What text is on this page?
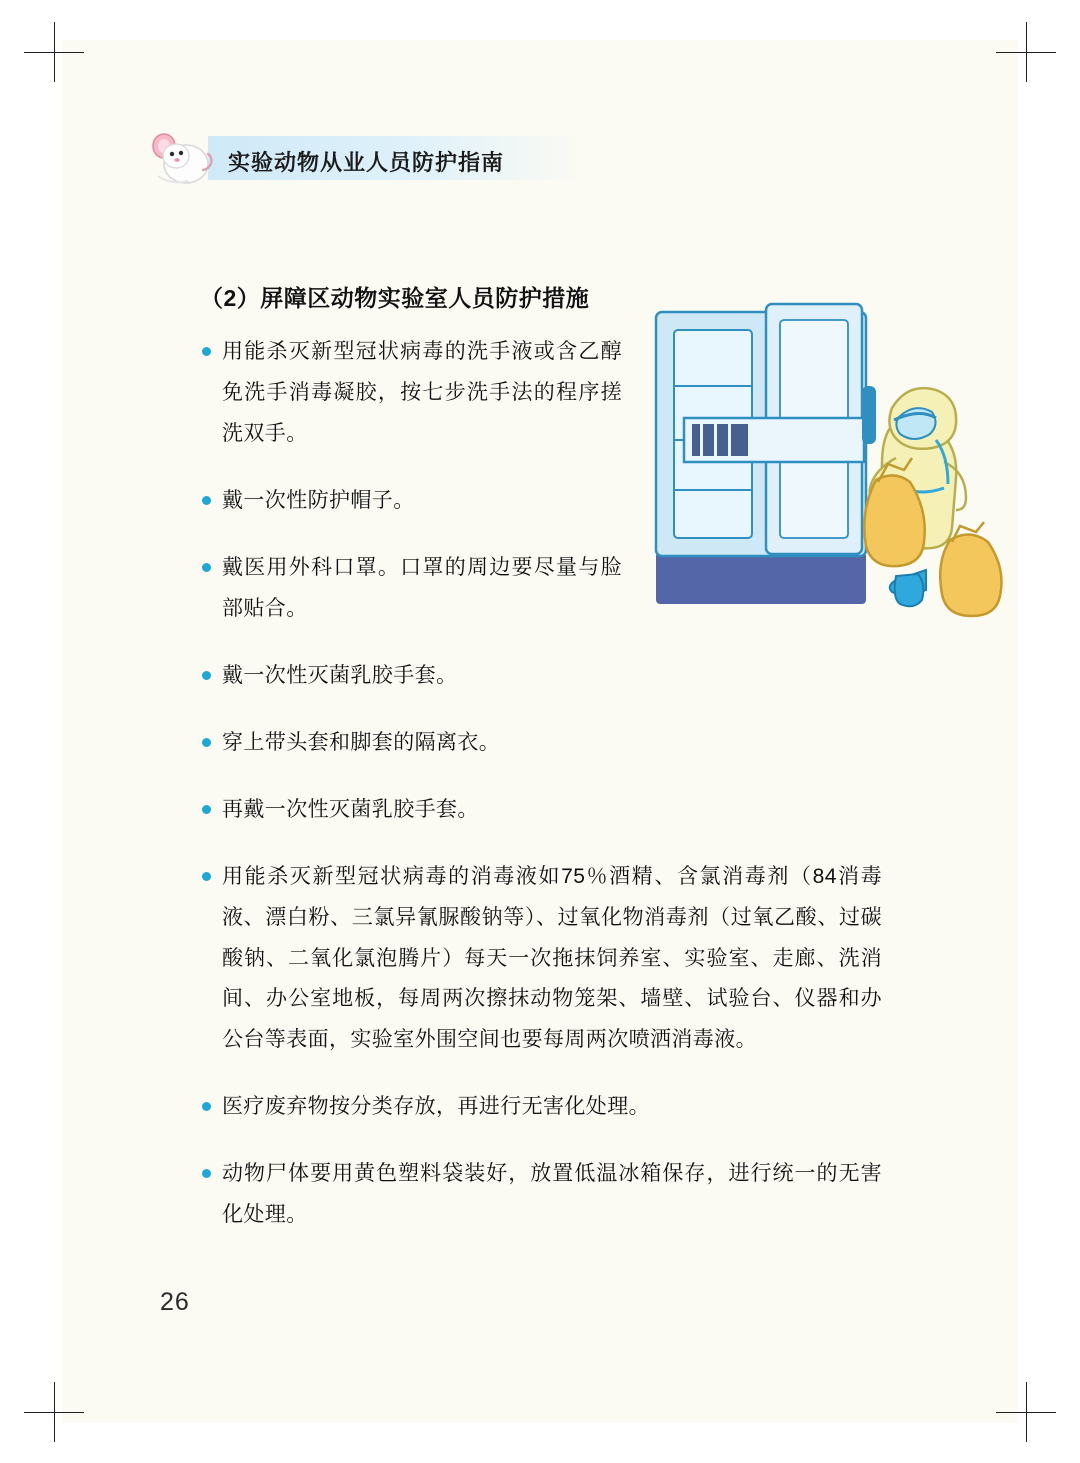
实验动物从业人员防护指南
（2）屏障区动物实验室人员防护措施
用能杀灭新型冠状病毒的洗手液或含乙醇免洗手消毒凝胶，按七步洗手法的程序搓洗双手。
戴一次性防护帽子。
戴医用外科口罩。口罩的周边要尽量与脸部贴合。
戴一次性灭菌乳胶手套。
穿上带头套和脚套的隔离衣。
再戴一次性灭菌乳胶手套。
用能杀灭新型冠状病毒的消毒液如75％酒精、含氯消毒剂（84消毒液、漂白粉、三氯异氰脲酸钠等）、过氧化物消毒剂（过氧乙酸、过碳酸钠、二氧化氯泡腾片）每天一次拖抹饲养室、实验室、走廊、洗消间、办公室地板，每周两次擦抹动物笼架、墙壁、试验台、仪器和办公台等表面，实验室外围空间也要每周两次喷洒消毒液。
医疗废弃物按分类存放，再进行无害化处理。
动物尸体要用黄色塑料袋装好，放置低温冰箱保存，进行统一的无害化处理。
26
